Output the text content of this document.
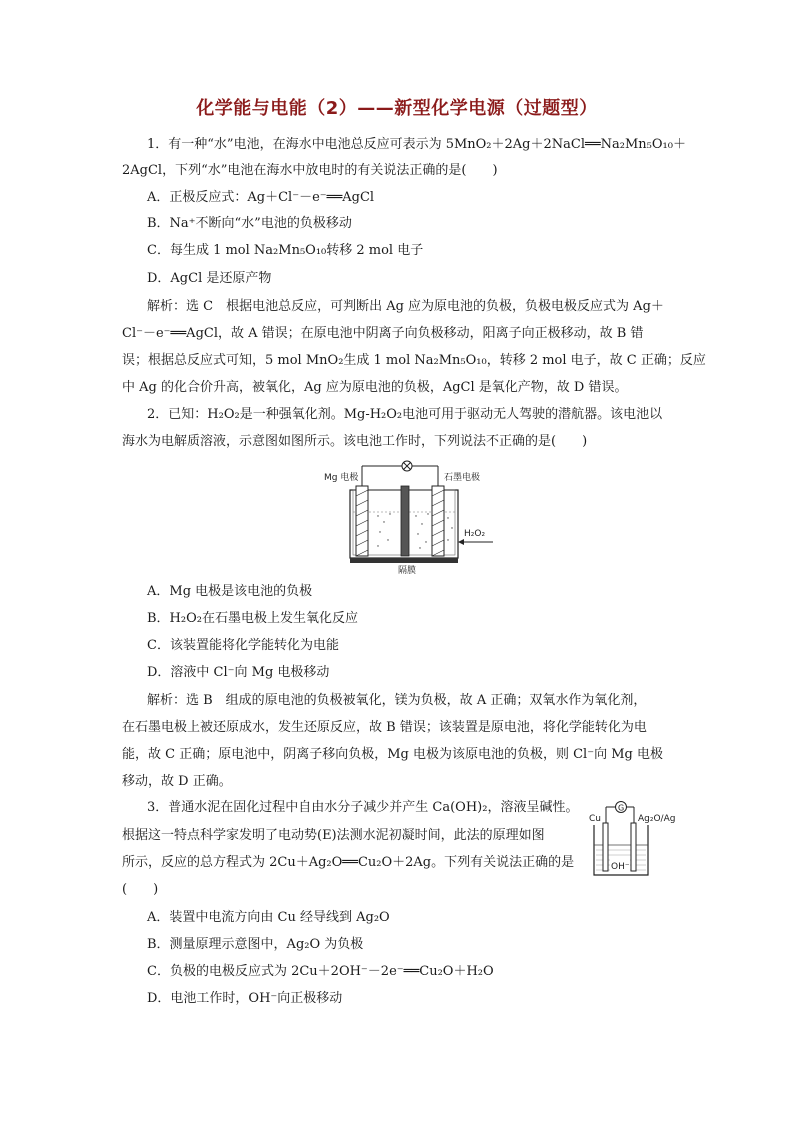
化学能与电能（2）——新型化学电源（过题型）
1．有一种“水”电池，在海水中电池总反应可表示为 5MnO₂＋2Ag＋2NaCl══Na₂Mn₅O₁₀＋
2AgCl，下列“水”电池在海水中放电时的有关说法正确的是(　　)
A．正极反应式：Ag＋Cl⁻－e⁻══AgCl
B．Na⁺不断向“水”电池的负极移动
C．每生成 1 mol Na₂Mn₅O₁₀转移 2 mol 电子
D．AgCl 是还原产物
解析：选 C　根据电池总反应，可判断出 Ag 应为原电池的负极，负极电极反应式为 Ag＋
Cl⁻－e⁻══AgCl，故 A 错误；在原电池中阴离子向负极移动，阳离子向正极移动，故 B 错
误；根据总反应式可知，5 mol MnO₂生成 1 mol Na₂Mn₅O₁₀，转移 2 mol 电子，故 C 正确；反应
中 Ag 的化合价升高，被氧化，Ag 应为原电池的负极，AgCl 是氧化产物，故 D 错误。
2．已知：H₂O₂是一种强氧化剂。Mg-H₂O₂电池可用于驱动无人驾驶的潜航器。该电池以
海水为电解质溶液，示意图如图所示。该电池工作时，下列说法不正确的是(　　)
Mg 电极	石墨电极
H₂O₂
隔膜
A．Mg 电极是该电池的负极
B．H₂O₂在石墨电极上发生氧化反应
C．该装置能将化学能转化为电能
D．溶液中 Cl⁻向 Mg 电极移动
解析：选 B　组成的原电池的负极被氧化，镁为负极，故 A 正确；双氧水作为氧化剂，
在石墨电极上被还原成水，发生还原反应，故 B 错误；该装置是原电池，将化学能转化为电
能，故 C 正确；原电池中，阴离子移向负极，Mg 电极为该原电池的负极，则 Cl⁻向 Mg 电极
移动，故 D 正确。
3．普通水泥在固化过程中自由水分子减少并产生 Ca(OH)₂，溶液呈碱性。
根据这一特点科学家发明了电动势(E)法测水泥初凝时间，此法的原理如图
所示，反应的总方程式为 2Cu＋Ag₂O══Cu₂O＋2Ag。下列有关说法正确的是
(　　)
G
Cu	Ag₂O/Ag
OH⁻
A．装置中电流方向由 Cu 经导线到 Ag₂O
B．测量原理示意图中，Ag₂O 为负极
C．负极的电极反应式为 2Cu＋2OH⁻－2e⁻══Cu₂O＋H₂O
D．电池工作时，OH⁻向正极移动
